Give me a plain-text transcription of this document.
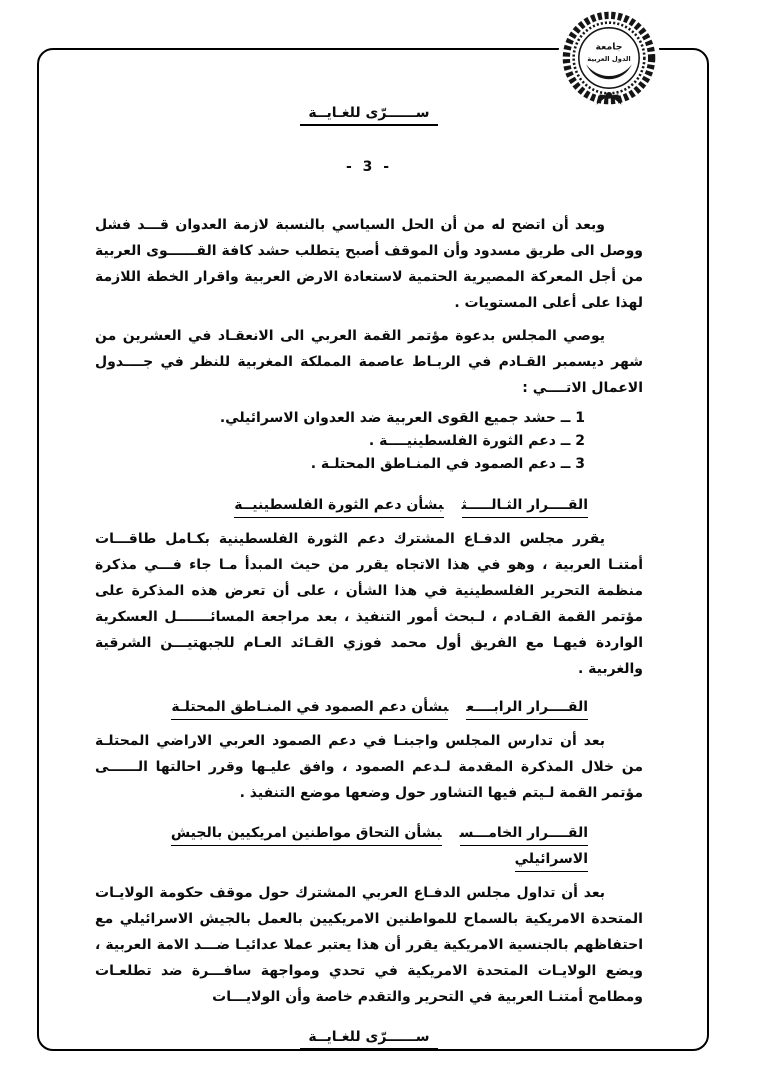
جامعة
الدول العربية
ســــــرّى للغـايــة
- 3 -

وبعد أن اتضح له من أن الحل السياسي بالنسبة لازمة العدوان قـــد فشل ووصل الى طريق مسدود وأن الموقف أصبح يتطلب حشد كافة القــــــوى العربية من أجل المعركة المصيرية الحتمية لاستعادة الارض العربية واقرار الخطة اللازمة لهذا على أعلى المستويات .

يوصي المجلس بدعوة مؤتمر القمة العربي الى الانعقـاد في العشرين من شهر ديسمبر القـادم في الربـاط عاصمة المملكة المغربية للنظر في جــــدول الاعمال الاتــــي :

1 ــ حشد جميع القوى العربية ضد العدوان الاسرائيلي.
2 ــ دعم الثورة الفلسطينيــــة .
3 ــ دعم الصمود في المنـاطق المحتلـة .
القــــرار الثـالـــــثبشأن دعم الثورة الفلسطينيــة

يقرر مجلس الدفـاع المشترك دعم الثورة الفلسطينية بكـامل طاقـــات أمتنـا العربية ، وهو في هذا الاتجاه يقرر من حيث المبدأ مـا جاء فـــي مذكرة منظمة التحرير الفلسطينية في هذا الشأن ، على أن تعرض هذه المذكرة على مؤتمر القمة القـادم ، لـبحث أمور التنفيذ ، بعد مراجعة المسائـــــــل العسكرية الواردة فيهـا مع الفريق أول محمد فوزي القـائد العـام للجبهتيـــن الشرقية والغربية .

القــــرار الرابــــعبشأن دعم الصمود في المنـاطق المحتلـة

بعد أن تدارس المجلس واجبنـا في دعم الصمود العربي الاراضي المحتلـة من خلال المذكرة المقدمة لـدعم الصمود ، وافق عليـها وقرر احالتها الــــــى مؤتمر القمة لـيتم فيها التشاور حول وضعها موضع التنفيذ .

القــــرار الخامـــسبشأن التحاق مواطنين امريكيين بالجيش الاسرائيلي

بعد أن تداول مجلس الدفـاع العربي المشترك حول موقف حكومة الولايـات المتحدة الامريكية بالسماح للمواطنين الامريكيين بالعمل بالجيش الاسرائيلي مع احتفاظهم بالجنسية الامريكية يقرر أن هذا يعتبر عملا عدائيـا ضـــد الامة العربية ، ويضع الولايـات المتحدة الامريكية في تحدي ومواجهة سافـــرة ضد تطلعـات ومطامح أمتنـا العربية في التحرير والتقدم خاصة وأن الولايـــات

ســــــرّى للغـايــة
